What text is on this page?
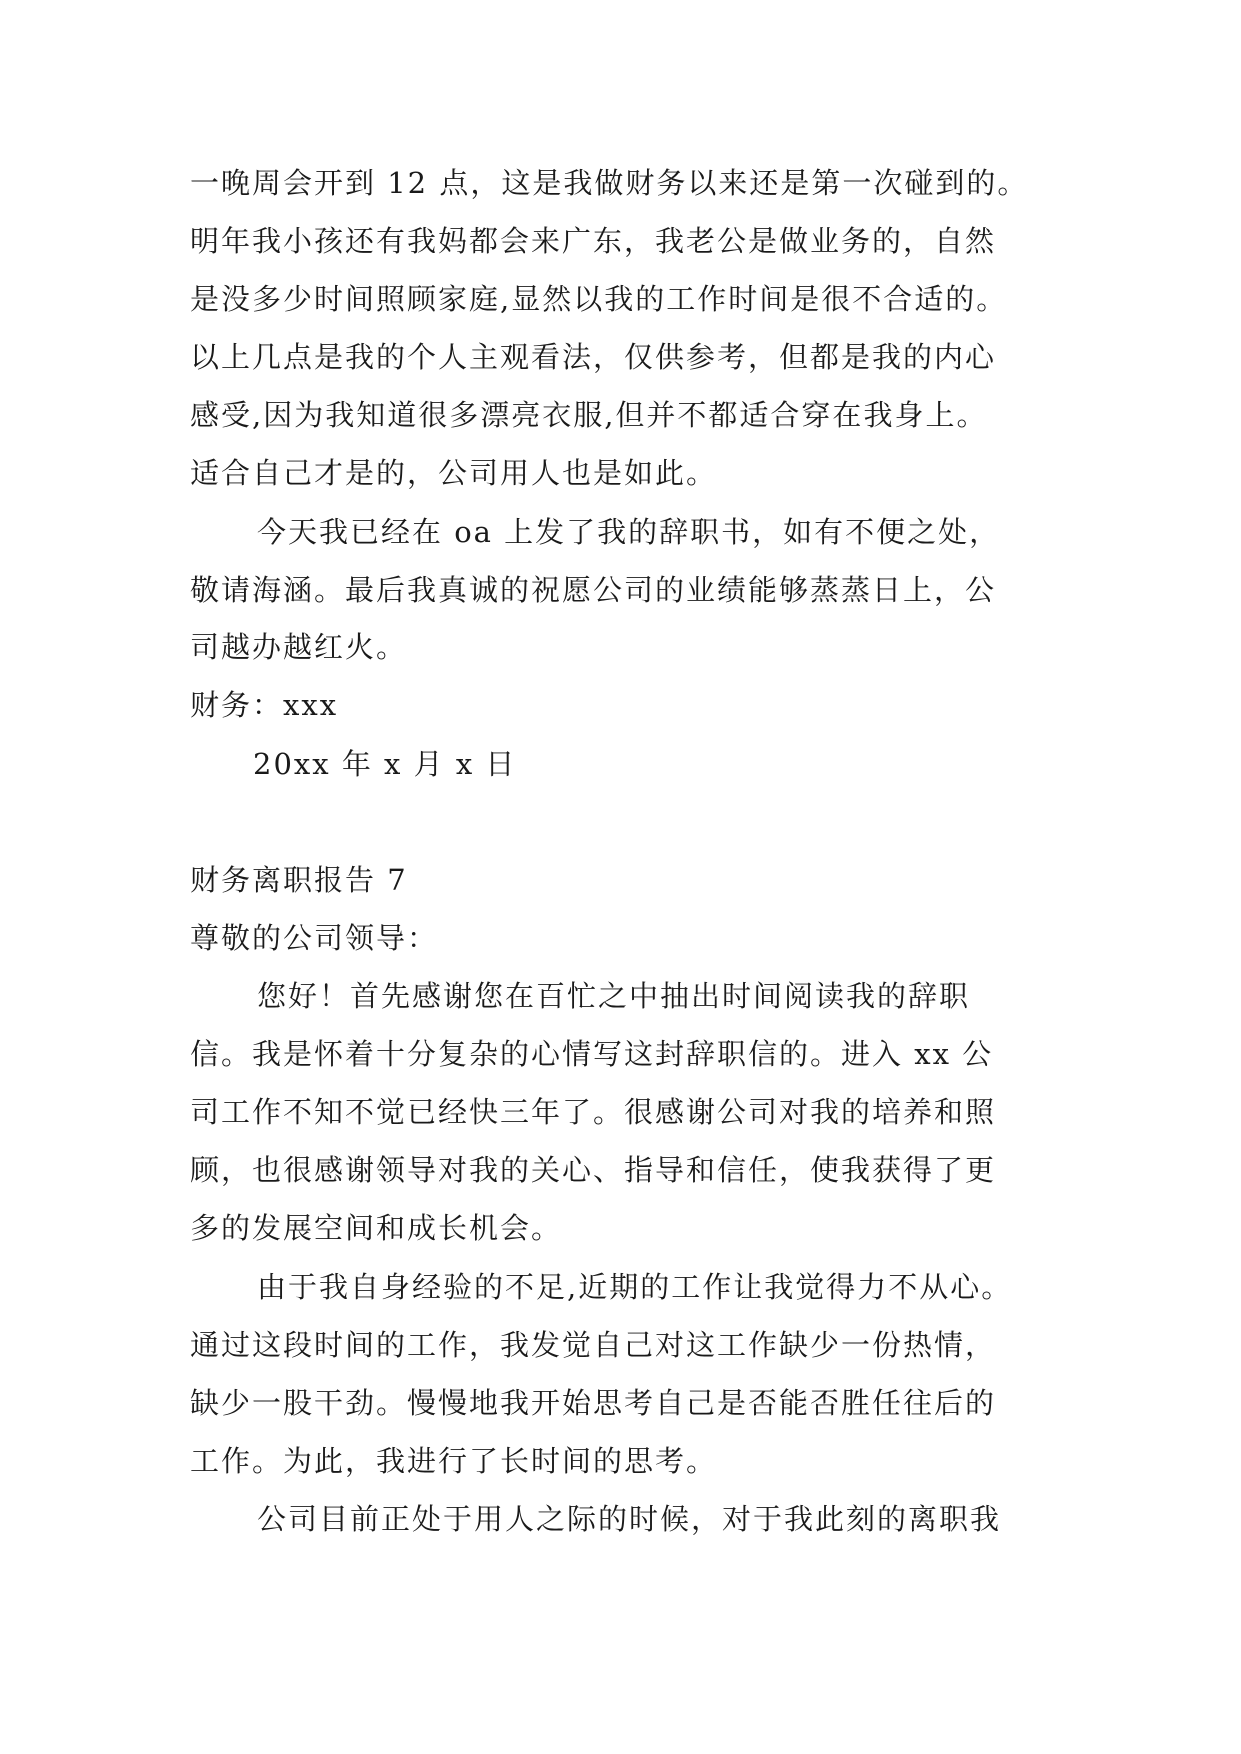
一晚周会开到 12 点，这是我做财务以来还是第一次碰到的。
明年我小孩还有我妈都会来广东，我老公是做业务的，自然
是没多少时间照顾家庭,显然以我的工作时间是很不合适的。
以上几点是我的个人主观看法，仅供参考，但都是我的内心
感受,因为我知道很多漂亮衣服,但并不都适合穿在我身上。
适合自己才是的，公司用人也是如此。
今天我已经在 oa 上发了我的辞职书，如有不便之处，
敬请海涵。最后我真诚的祝愿公司的业绩能够蒸蒸日上，公
司越办越红火。
财务：xxx
20xx 年 x 月 x 日
财务离职报告 7
尊敬的公司领导：
您好！首先感谢您在百忙之中抽出时间阅读我的辞职
信。我是怀着十分复杂的心情写这封辞职信的。进入 xx 公
司工作不知不觉已经快三年了。很感谢公司对我的培养和照
顾，也很感谢领导对我的关心、指导和信任，使我获得了更
多的发展空间和成长机会。
由于我自身经验的不足,近期的工作让我觉得力不从心。
通过这段时间的工作，我发觉自己对这工作缺少一份热情，
缺少一股干劲。慢慢地我开始思考自己是否能否胜任往后的
工作。为此，我进行了长时间的思考。
公司目前正处于用人之际的时候，对于我此刻的离职我
